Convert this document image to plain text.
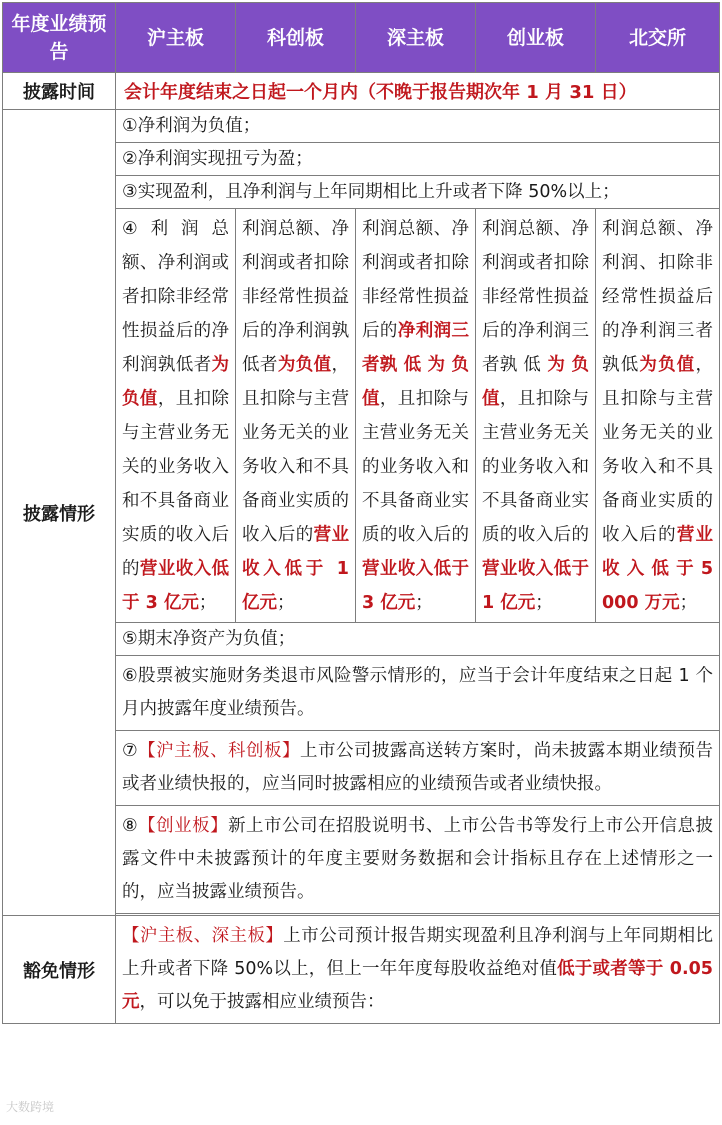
年度业绩预告	沪主板	科创板	深主板	创业板	北交所
披露时间	会计年度结束之日起一个月内（不晚于报告期次年 1 月 31 日）				
披露情形	①净利润为负值；				
	②净利润实现扭亏为盈；				
	③实现盈利，且净利润与上年同期相比上升或者下降 50%以上；				
	④ 利 润 总 额、净利润或者扣除非经常性损益后的净利润孰低者为负值，且扣除与主营业务无关的业务收入和不具备商业实质的收入后的营业收入低于 3 亿元；	利润总额、净利润或者扣除非经常性损益后的净利润孰低者为负值，且扣除与主营业务无关的业务收入和不具备商业实质的收入后的营业收入低于 1 亿元；	利润总额、净利润或者扣除非经常性损益后的净利润三者孰 低 为 负 值，且扣除与主营业务无关的业务收入和不具备商业实质的收入后的营业收入低于 3 亿元；	利润总额、净利润或者扣除非经常性损益后的净利润三者孰 低 为 负 值，且扣除与主营业务无关的业务收入和不具备商业实质的收入后的营业收入低于 1 亿元；	利润总额、净利润、扣除非经常性损益后的净利润三者孰低为负值，且扣除与主营业务无关的业务收入和不具备商业实质的收入后的营业 收 入 低 于 5000 万元；
	⑤期末净资产为负值；				
	⑥股票被实施财务类退市风险警示情形的，应当于会计年度结束之日起 1 个月内披露年度业绩预告。				
	⑦【沪主板、科创板】上市公司披露高送转方案时，尚未披露本期业绩预告或者业绩快报的，应当同时披露相应的业绩预告或者业绩快报。				
	⑧【创业板】新上市公司在招股说明书、上市公告书等发行上市公开信息披露文件中未披露预计的年度主要财务数据和会计指标且存在上述情形之一的，应当披露业绩预告。				

豁免情形	【沪主板、深主板】上市公司预计报告期实现盈利且净利润与上年同期相比上升或者下降 50%以上，但上一年年度每股收益绝对值低于或者等于 0.05 元，可以免于披露相应业绩预告：				
大数跨境
